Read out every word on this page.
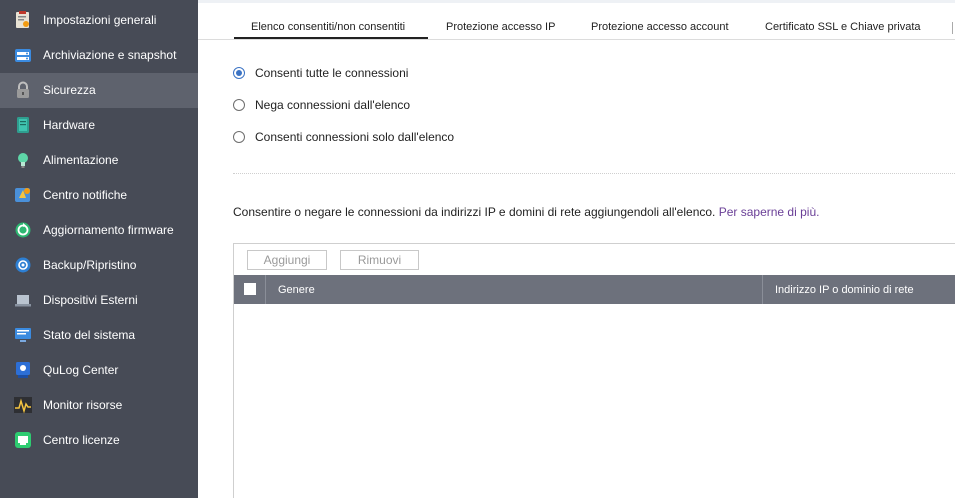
Impostazioni generali
Archiviazione e snapshot
Sicurezza
Hardware
Alimentazione
Centro notifiche
Aggiornamento firmware
Backup/Ripristino
Dispositivi Esterni
Stato del sistema
QuLog Center
Monitor risorse
Centro licenze
Elenco consentiti/non consentiti	Protezione accesso IP	Protezione accesso account	Certificato SSL e Chiave privata
Consenti tutte le connessioni
Nega connessioni dall'elenco
Consenti connessioni solo dall'elenco
Consentire o negare le connessioni da indirizzi IP e domini di rete aggiungendoli all'elenco. Per saperne di più.
Aggiungi	Rimuovi
Genere	Indirizzo IP o dominio di rete
